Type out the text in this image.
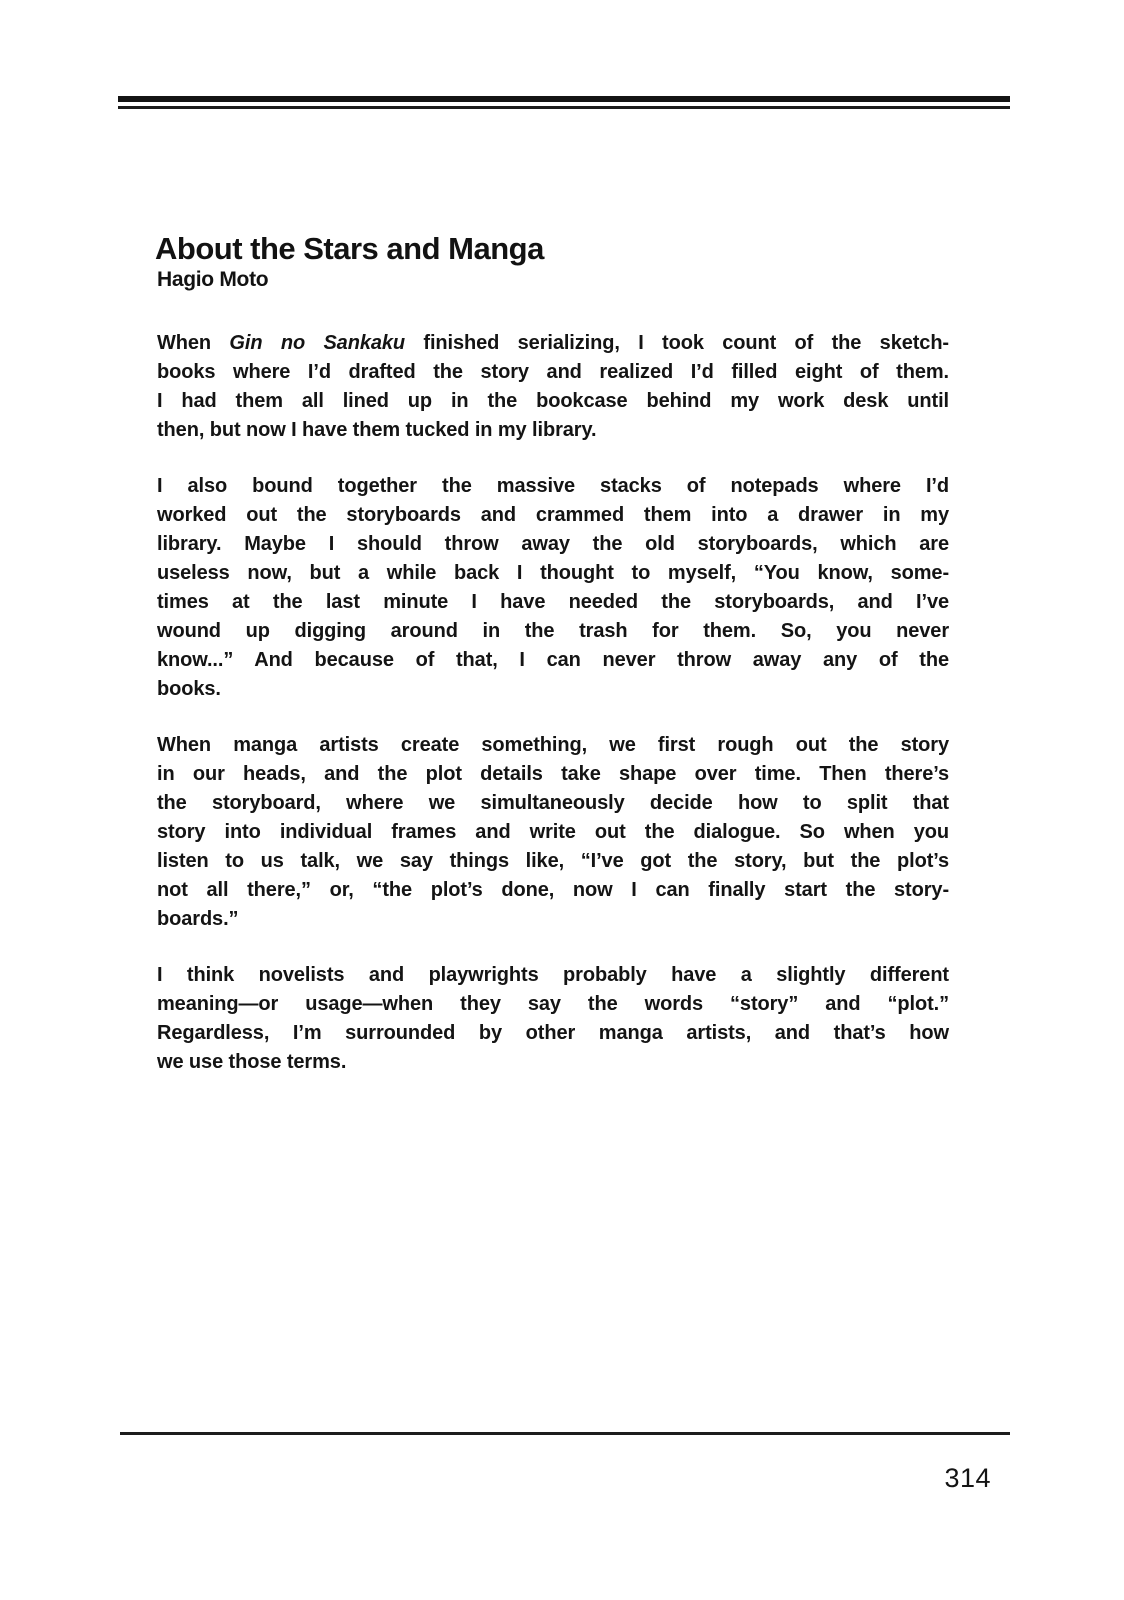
About the Stars and Manga
Hagio Moto
When Gin no Sankaku finished serializing, I took count of the sketch-
books where I’d drafted the story and realized I’d filled eight of them.
I had them all lined up in the bookcase behind my work desk until
then, but now I have them tucked in my library.
I also bound together the massive stacks of notepads where I’d
worked out the storyboards and crammed them into a drawer in my
library. Maybe I should throw away the old storyboards, which are
useless now, but a while back I thought to myself, “You know, some-
times at the last minute I have needed the storyboards, and I’ve
wound up digging around in the trash for them. So, you never
know...” And because of that, I can never throw away any of the
books.
When manga artists create something, we first rough out the story
in our heads, and the plot details take shape over time. Then there’s
the storyboard, where we simultaneously decide how to split that
story into individual frames and write out the dialogue. So when you
listen to us talk, we say things like, “I’ve got the story, but the plot’s
not all there,” or, “the plot’s done, now I can finally start the story-
boards.”
I think novelists and playwrights probably have a slightly different
meaning—or usage—when they say the words “story” and “plot.”
Regardless, I’m surrounded by other manga artists, and that’s how
we use those terms.
314
